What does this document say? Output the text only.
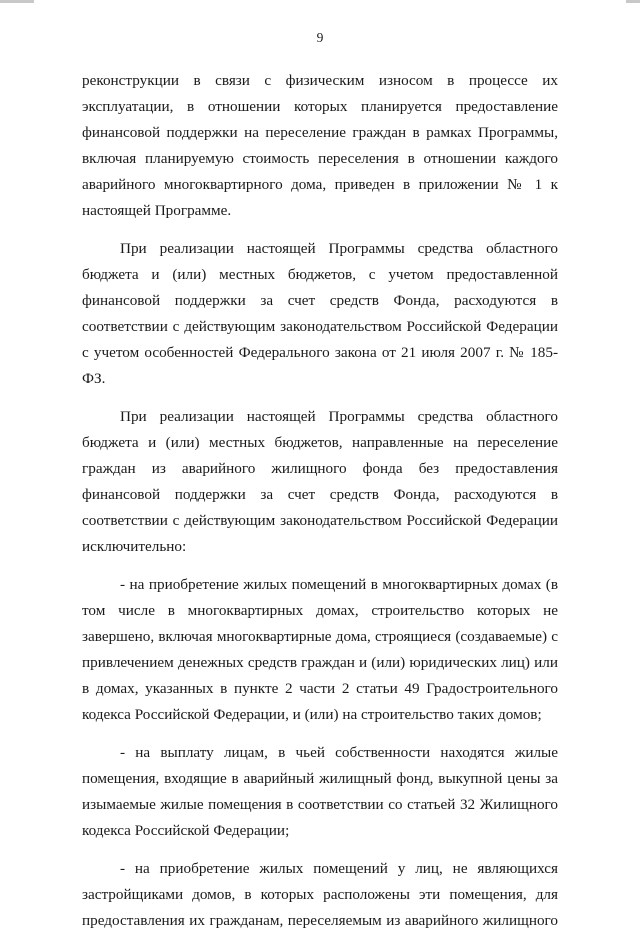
9

реконструкции в связи с физическим износом в процессе их эксплуатации, в отношении которых планируется предоставление финансовой поддержки на переселение граждан в рамках Программы, включая планируемую стоимость переселения в отношении каждого аварийного многоквартирного дома, приведен в приложении № 1 к настоящей Программе.

При реализации настоящей Программы средства областного бюджета и (или) местных бюджетов, с учетом предоставленной финансовой поддержки за счет средств Фонда, расходуются в соответствии с действующим законодательством Российской Федерации с учетом особенностей Федерального закона от 21 июля 2007 г. № 185-ФЗ.

При реализации настоящей Программы средства областного бюджета и (или) местных бюджетов, направленные на переселение граждан из аварийного жилищного фонда без предоставления финансовой поддержки за счет средств Фонда, расходуются в соответствии с действующим законодательством Российской Федерации исключительно:

- на приобретение жилых помещений в многоквартирных домах (в том числе в многоквартирных домах, строительство которых не завершено, включая многоквартирные дома, строящиеся (создаваемые) с привлечением денежных средств граждан и (или) юридических лиц) или в домах, указанных в пункте 2 части 2 статьи 49 Градостроительного кодекса Российской Федерации, и (или) на строительство таких домов;

- на выплату лицам, в чьей собственности находятся жилые помещения, входящие в аварийный жилищный фонд, выкупной цены за изымаемые жилые помещения в соответствии со статьей 32 Жилищного кодекса Российской Федерации;

- на приобретение жилых помещений у лиц, не являющихся застройщиками домов, в которых расположены эти помещения, для предоставления их гражданам, переселяемым из аварийного жилищного
